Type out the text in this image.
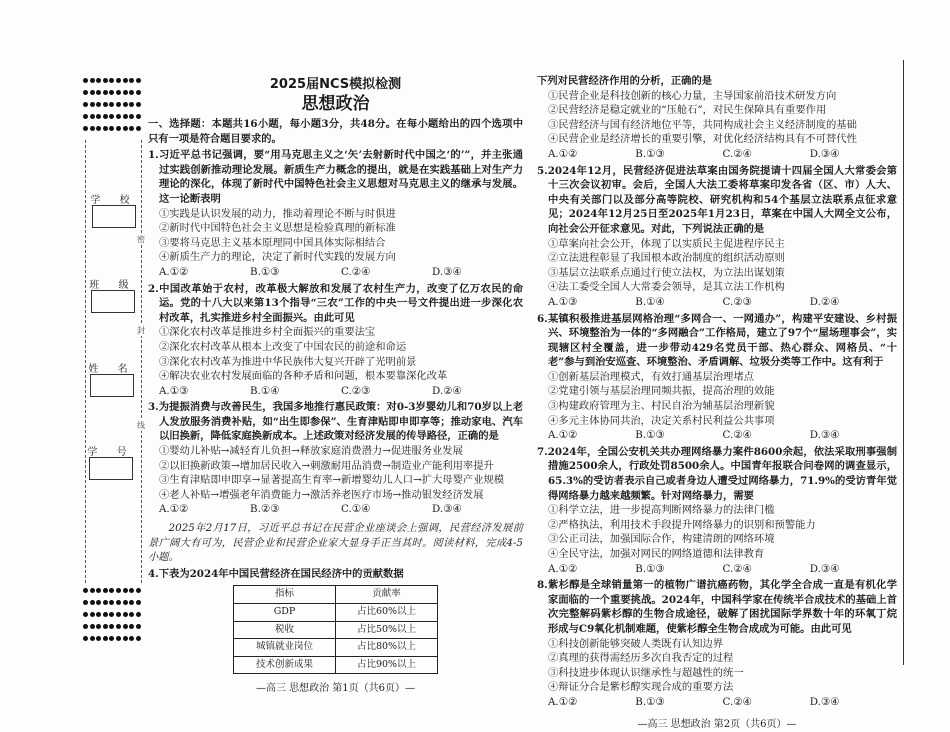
学 校
班 级
姓 名
学 号
密
封
线
2025届NCS模拟检测
思想政治
一、选择题：本题共16小题，每小题3分，共48分。在每小题给出的四个选项中只有一项是符合题目要求的。
1.习近平总书记强调，要“用马克思主义之‘矢’去射新时代中国之‘的’”，并主张通过实践创新推动理论发展。新质生产力概念的提出，就是在实践基础上对生产力理论的深化，体现了新时代中国特色社会主义思想对马克思主义的继承与发展。这一论断表明
①实践是认识发展的动力，推动着理论不断与时俱进
②新时代中国特色社会主义思想是检验真理的新标准
③要将马克思主义基本原理同中国具体实际相结合
④新质生产力的理论，决定了新时代实践的发展方向
A.①②	B.①③	C.②④	D.③④
2.中国改革始于农村，改革极大解放和发展了农村生产力，改变了亿万农民的命运。党的十八大以来第13个指导“三农”工作的中央一号文件提出进一步深化农村改革，扎实推进乡村全面振兴。由此可见
①深化农村改革是推进乡村全面振兴的重要法宝
②深化农村改革从根本上改变了中国农民的前途和命运
③深化农村改革为推进中华民族伟大复兴开辟了光明前景
④解决农业农村发展面临的各种矛盾和问题，根本要靠深化改革
A.①③	B.①④	C.②③	D.②④
3.为提振消费与改善民生，我国多地推行惠民政策：对0-3岁婴幼儿和70岁以上老人发放服务消费补贴，如“出生即参保”、生育津贴即申即享等；推动家电、汽车以旧换新，降低家庭换新成本。上述政策对经济发展的传导路径，正确的是
①婴幼儿补贴→减轻育儿负担→释放家庭消费潜力→促进服务业发展
②以旧换新政策→增加居民收入→刺激耐用品消费→制造业产能利用率提升
③生育津贴即申即享→显著提高生育率→新增婴幼儿人口→扩大母婴产业规模
④老人补贴→增强老年消费能力→激活养老医疗市场→推动银发经济发展
A.①②	B.②③	C.①④	D.③④
2025年2月17日，习近平总书记在民营企业座谈会上强调，民营经济发展前景广阔大有可为，民营企业和民营企业家大显身手正当其时。阅读材料，完成4-5小题。
4.下表为2024年中国民营经济在国民经济中的贡献数据
指标	贡献率
GDP	占比60%以上
税收	占比50%以上
城镇就业岗位	占比80%以上
技术创新成果	占比90%以上
—高三 思想政治 第1页（共6页）—
下列对民营经济作用的分析，正确的是
①民营企业是科技创新的核心力量，主导国家前沿技术研发方向
②民营经济是稳定就业的“压舱石”，对民生保障具有重要作用
③民营经济与国有经济地位平等，共同构成社会主义经济制度的基础
④民营企业是经济增长的重要引擎，对优化经济结构具有不可替代性
A.①②	B.①③	C.②④	D.③④
5.2024年12月，民营经济促进法草案由国务院提请十四届全国人大常委会第十三次会议初审。会后，全国人大法工委将草案印发各省（区、市）人大、中央有关部门以及部分高等院校、研究机构和54个基层立法联系点征求意见；2024年12月25日至2025年1月23日，草案在中国人大网全文公布，向社会公开征求意见。对此，下列说法正确的是
①草案向社会公开，体现了以实质民主促进程序民主
②立法进程彰显了我国根本政治制度的组织活动原则
③基层立法联系点通过行使立法权，为立法出谋划策
④法工委受全国人大常委会领导，是其立法工作机构
A.①③	B.①④	C.②③	D.②④
6.某镇积极推进基层网格治理“多网合一、一网通办”，构建平安建设、乡村振兴、环境整治为一体的“多网融合”工作格局，建立了97个“屋场理事会”，实现辖区村全覆盖，进一步带动429名党员干部、热心群众、网格员、“十老”参与到治安巡查、环境整治、矛盾调解、垃圾分类等工作中。这有利于
①创新基层治理模式，有效打通基层治理堵点
②党建引领与基层治理同频共振，提高治理的效能
③构建政府管理为主、村民自治为辅基层治理新貌
④多元主体协同共治，决定关系村民利益公共事项
A.①②	B.①③	C.②④	D.③④
7.2024年，全国公安机关共办理网络暴力案件8600余起，依法采取刑事强制措施2500余人，行政处罚8500余人。中国青年报联合问卷网的调查显示，65.3%的受访者表示自己或者身边人遭受过网络暴力，71.9%的受访青年觉得网络暴力越来越频繁。针对网络暴力，需要
①科学立法，进一步提高判断网络暴力的法律门槛
②严格执法，利用技术手段提升网络暴力的识别和预警能力
③公正司法，加强国际合作，构建清朗的网络环境
④全民守法，加强对网民的网络道德和法律教育
A.①②	B.①③	C.②④	D.③④
8.紫杉醇是全球销量第一的植物广谱抗癌药物，其化学全合成一直是有机化学家面临的一个重要挑战。2024年，中国科学家在传统半合成技术的基础上首次完整解码紫杉醇的生物合成途径，破解了困扰国际学界数十年的环氧丁烷形成与C9氧化机制难题，使紫杉醇全生物合成成为可能。由此可见
①科技创新能够突破人类既有认知边界
②真理的获得需经历多次自我否定的过程
③科技进步体现认识继承性与超越性的统一
④辩证分合是紫杉醇实现合成的重要方法
A.①②	B.①③	C.②④	D.③④
—高三 思想政治 第2页（共6页）—
